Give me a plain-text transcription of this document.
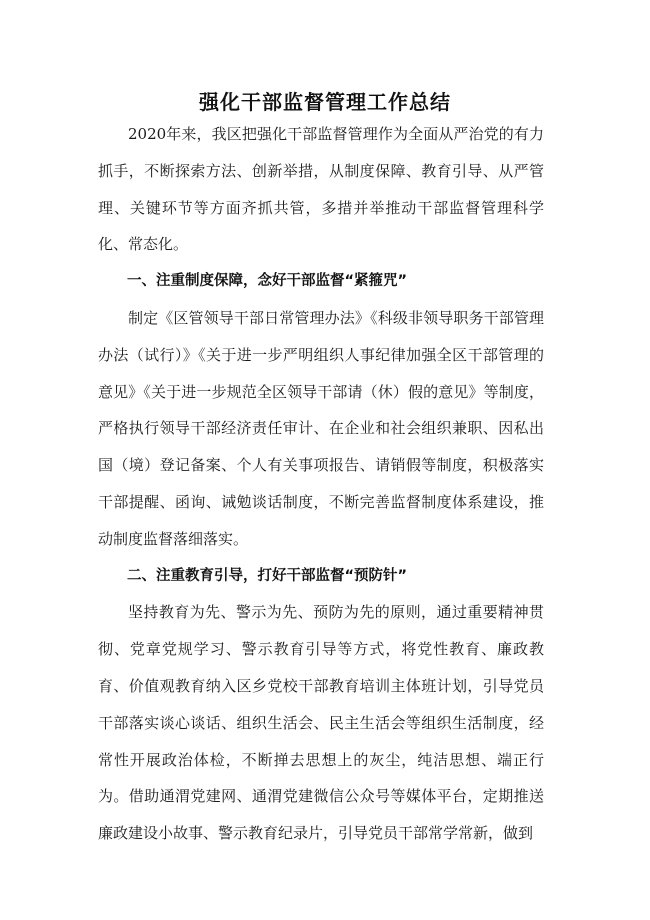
强化干部监督管理工作总结

2020年来，我区把强化干部监督管理作为全面从严治党的有力抓手，不断探索方法、创新举措，从制度保障、教育引导、从严管理、关键环节等方面齐抓共管，多措并举推动干部监督管理科学化、常态化。

一、注重制度保障，念好干部监督“紧箍咒”

制定《区管领导干部日常管理办法》《科级非领导职务干部管理办法（试行）》《关于进一步严明组织人事纪律加强全区干部管理的意见》《关于进一步规范全区领导干部请（休）假的意见》等制度，严格执行领导干部经济责任审计、在企业和社会组织兼职、因私出国（境）登记备案、个人有关事项报告、请销假等制度，积极落实干部提醒、函询、诫勉谈话制度，不断完善监督制度体系建设，推动制度监督落细落实。

二、注重教育引导，打好干部监督“预防针”

坚持教育为先、警示为先、预防为先的原则，通过重要精神贯彻、党章党规学习、警示教育引导等方式，将党性教育、廉政教育、价值观教育纳入区乡党校干部教育培训主体班计划，引导党员干部落实谈心谈话、组织生活会、民主生活会等组织生活制度，经常性开展政治体检，不断掸去思想上的灰尘，纯洁思想、端正行为。借助通渭党建网、通渭党建微信公众号等媒体平台，定期推送廉政建设小故事、警示教育纪录片，引导党员干部常学常新，做到
